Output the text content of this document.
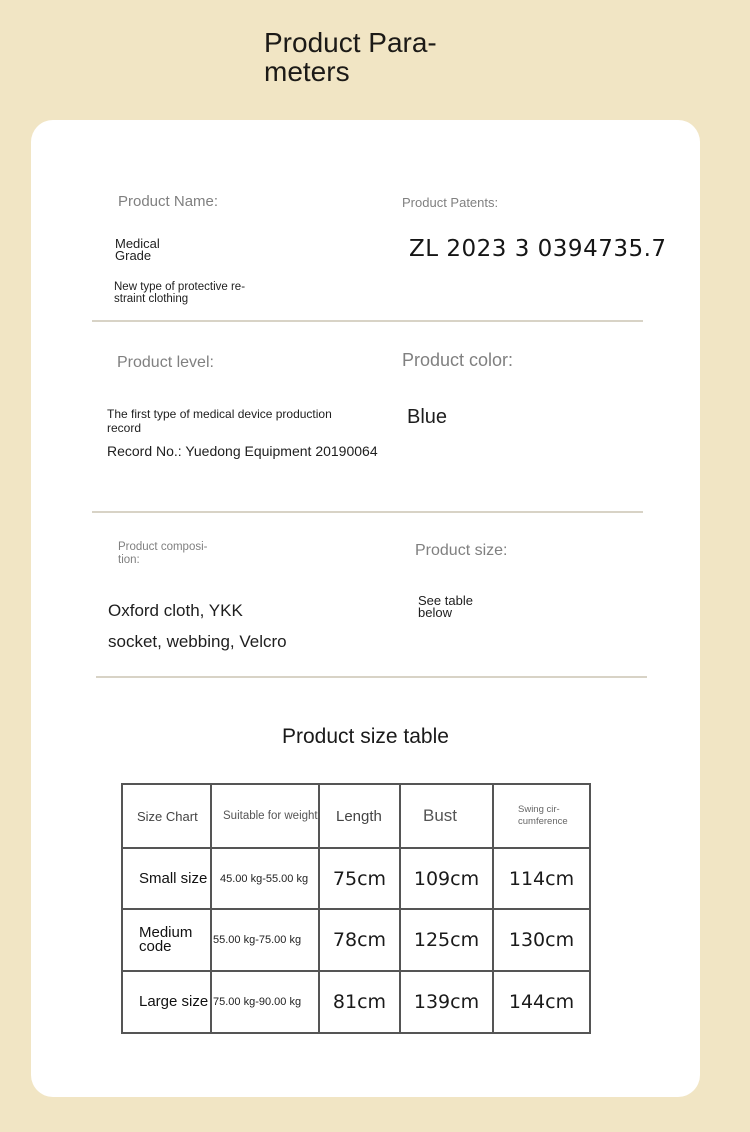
Product Para- meters
Product Name:
Medical Grade
New type of protective re- straint clothing
Product Patents:
ZL 2023 3 0394735.7
Product level:
The first type of medical device production record
Record No.: Yuedong Equipment 20190064
Product color:
Blue
Product composi- tion:
Oxford cloth, YKK
socket, webbing, Velcro
Product size:
See table below
Product size table
Size Chart	Suitable for weight	Length	Bust	Swing cir- cumference
Small size	45.00 kg-55.00 kg	75cm	109cm	114cm
Medium code	55.00 kg-75.00 kg	78cm	125cm	130cm
Large size	75.00 kg-90.00 kg	81cm	139cm	144cm
